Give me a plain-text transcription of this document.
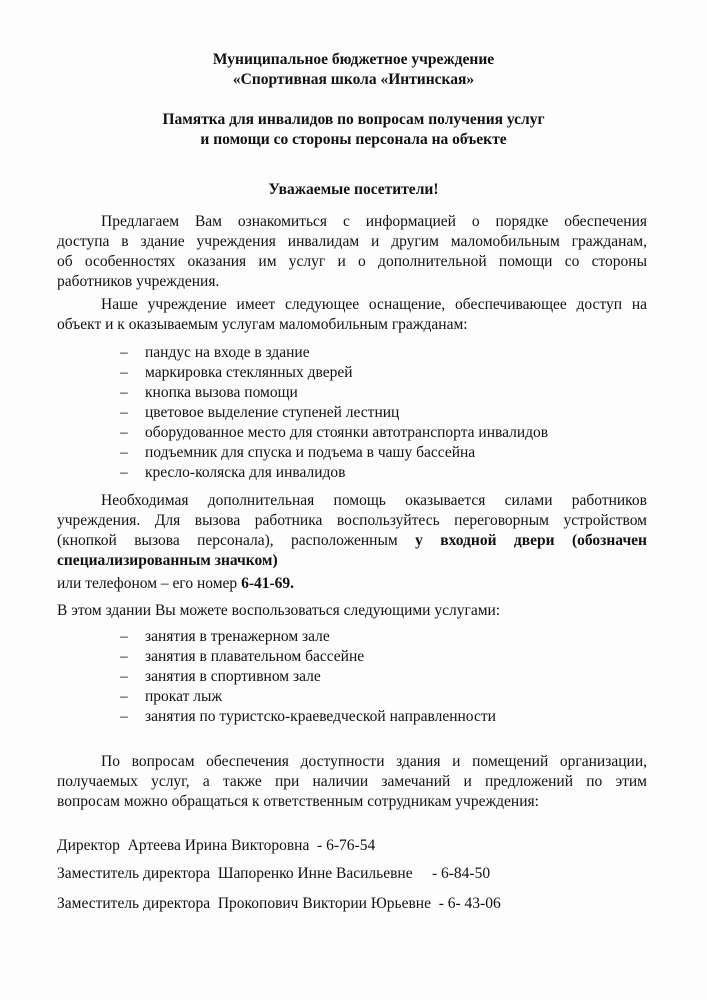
Муниципальное бюджетное учреждение

«Спортивная школа «Интинская»

Памятка для инвалидов по вопросам получения услуг

и помощи со стороны персонала на объекте

Уважаемые посетители!

Предлагаем Вам ознакомиться с информацией о порядке обеспечения
доступа в здание учреждения инвалидам и другим маломобильным гражданам,
об особенностях оказания им услуг и о дополнительной помощи со стороны
работников учреждения.
Наше учреждение имеет следующее оснащение, обеспечивающее доступ на
объект и к оказываемым услугам маломобильным гражданам:
– пандус на входе в здание
– маркировка стеклянных дверей
– кнопка вызова помощи
– цветовое выделение ступеней лестниц
– оборудованное место для стоянки автотранспорта инвалидов
– подъемник для спуска и подъема в чашу бассейна
– кресло-коляска для инвалидов
Необходимая дополнительная помощь оказывается силами работников
учреждения. Для вызова работника воспользуйтесь переговорным устройством
(кнопкой вызова персонала), расположенным у входной двери (обозначен
специализированным значком)

или телефоном – его номер 6-41-69.

В этом здании Вы можете воспользоваться следующими услугами:

– занятия в тренажерном зале
– занятия в плавательном бассейне
– занятия в спортивном зале
– прокат лыж
– занятия по туристско-краеведческой направленности
По вопросам обеспечения доступности здания и помещений организации,
получаемых услуг, а также при наличии замечаний и предложений по этим
вопросам можно обращаться к ответственным сотрудникам учреждения:

Директор  Артеева Ирина Викторовна  - 6-76-54

Заместитель директора  Шапоренко Инне Васильевне     - 6-84-50

Заместитель директора  Прокопович Виктории Юрьевне  - 6- 43-06
